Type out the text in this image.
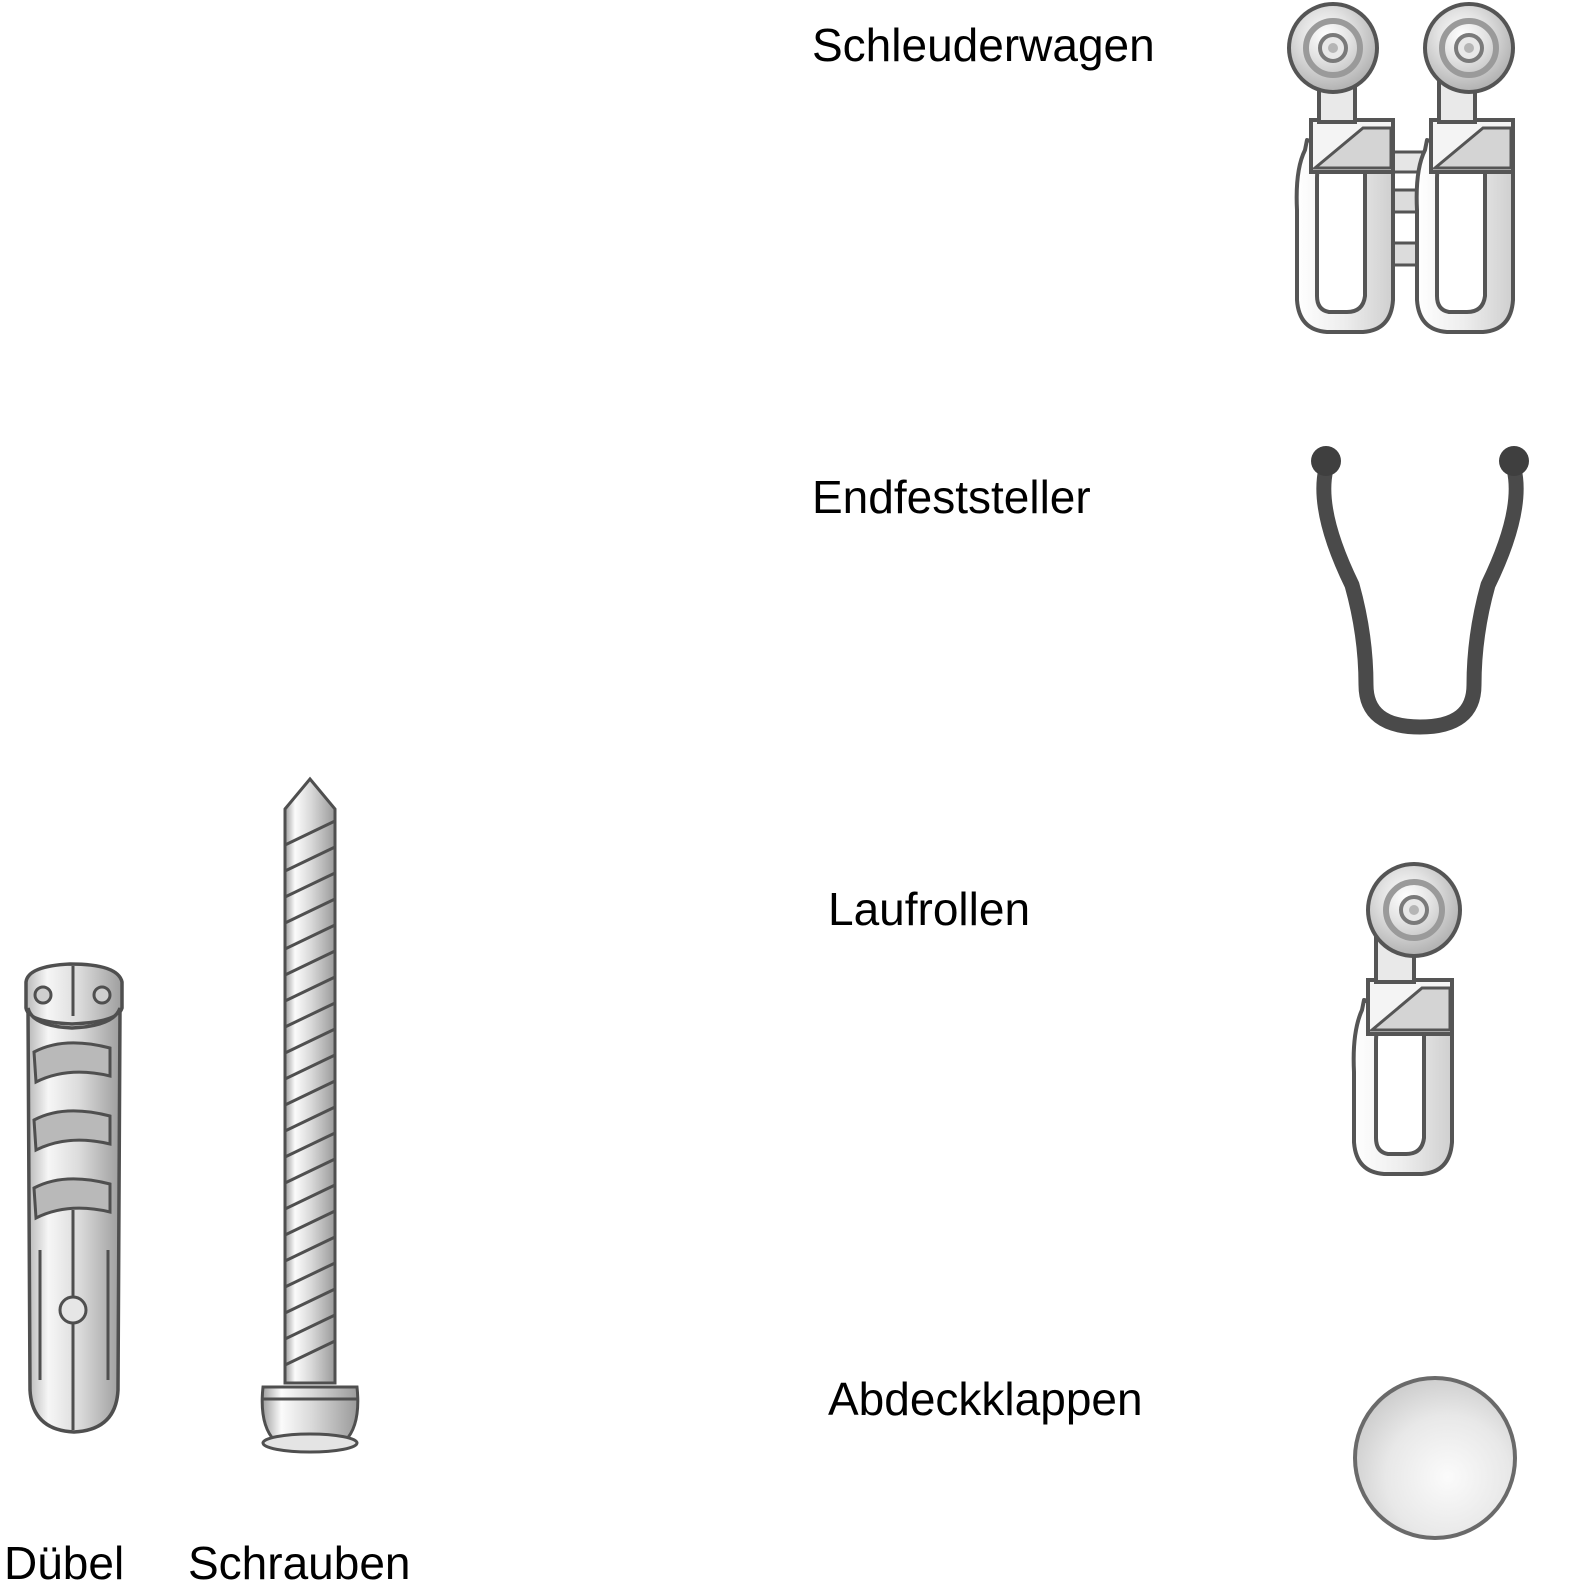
Schleuderwagen
Endfeststeller
Laufrollen
Abdeckklappen
Dübel Schrauben
